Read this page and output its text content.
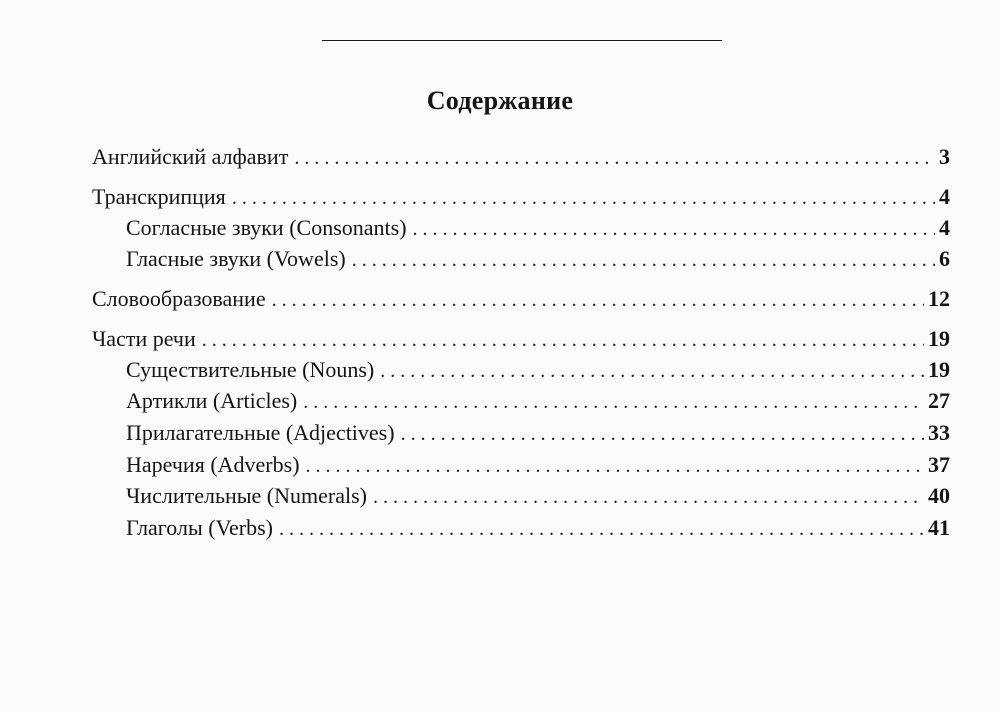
Содержание
Английский алфавит . . .	3
Транскрипция . . .	4
Согласные звуки (Consonants) . . .	4
Гласные звуки (Vowels) . . .	6
Словообразование . . .	12
Части речи . . .	19
Существительные (Nouns) . . .	19
Артикли (Articles) . . .	27
Прилагательные (Adjectives) . . .	33
Наречия (Adverbs) . . .	37
Числительные (Numerals) . . .	40
Глаголы (Verbs) . . .	41
